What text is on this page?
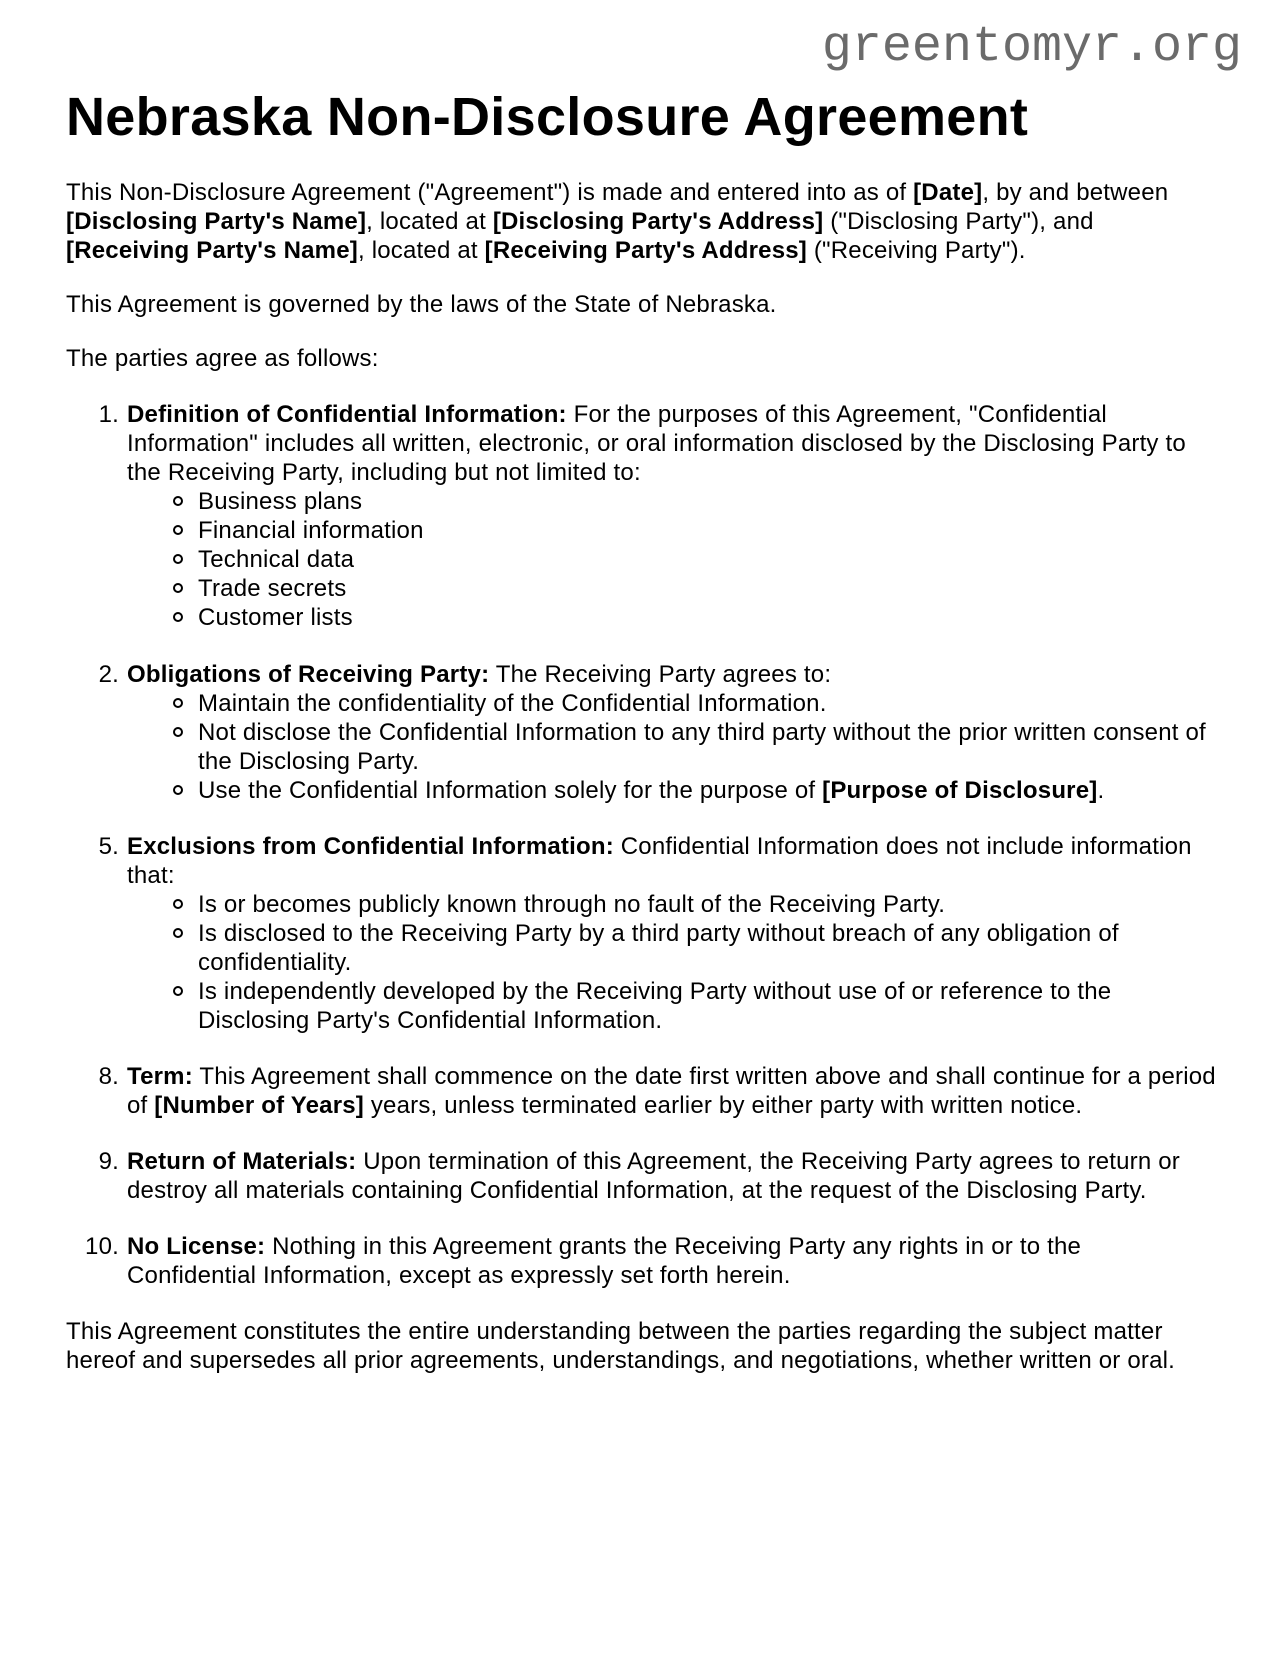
greentomyr.org
Nebraska Non-Disclosure Agreement

This Non-Disclosure Agreement ("Agreement") is made and entered into as of [Date], by and between [Disclosing Party's Name], located at [Disclosing Party's Address] ("Disclosing Party"), and [Receiving Party's Name], located at [Receiving Party's Address] ("Receiving Party").

This Agreement is governed by the laws of the State of Nebraska.

The parties agree as follows:

1. Definition of Confidential Information: For the purposes of this Agreement, "Confidential Information" includes all written, electronic, or oral information disclosed by the Disclosing Party to the Receiving Party, including but not limited to:
Business plans
Financial information
Technical data
Trade secrets
Customer lists
2. Obligations of Receiving Party: The Receiving Party agrees to:
Maintain the confidentiality of the Confidential Information.
Not disclose the Confidential Information to any third party without the prior written consent of the Disclosing Party.
Use the Confidential Information solely for the purpose of [Purpose of Disclosure].
5. Exclusions from Confidential Information: Confidential Information does not include information that:
Is or becomes publicly known through no fault of the Receiving Party.
Is disclosed to the Receiving Party by a third party without breach of any obligation of confidentiality.
Is independently developed by the Receiving Party without use of or reference to the Disclosing Party's Confidential Information.
8. Term: This Agreement shall commence on the date first written above and shall continue for a period of [Number of Years] years, unless terminated earlier by either party with written notice.
9. Return of Materials: Upon termination of this Agreement, the Receiving Party agrees to return or destroy all materials containing Confidential Information, at the request of the Disclosing Party.
10. No License: Nothing in this Agreement grants the Receiving Party any rights in or to the Confidential Information, except as expressly set forth herein.

This Agreement constitutes the entire understanding between the parties regarding the subject matter hereof and supersedes all prior agreements, understandings, and negotiations, whether written or oral.
